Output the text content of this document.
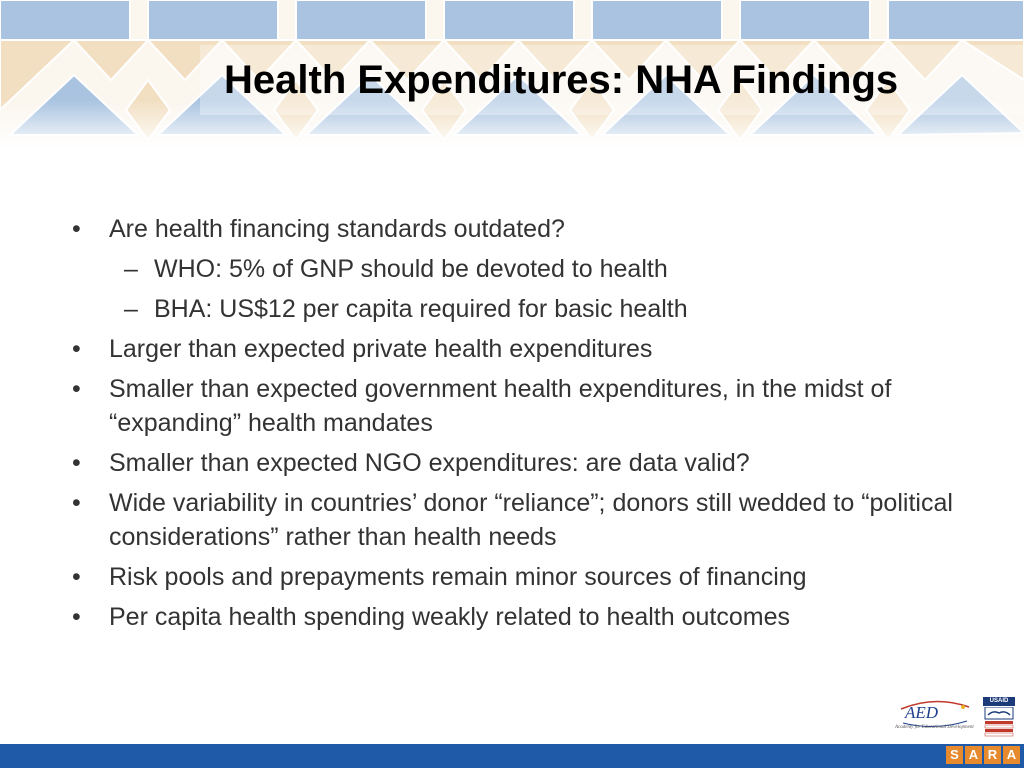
Health Expenditures: NHA Findings
• Are health financing standards outdated?
– WHO: 5% of GNP should be devoted to health
– BHA: US$12 per capita required for basic health
• Larger than expected private health expenditures
• Smaller than expected government health expenditures, in the midst of “expanding” health mandates
• Smaller than expected NGO expenditures: are data valid?
• Wide variability in countries’ donor “reliance”; donors still wedded to “political considerations” rather than health needs
• Risk pools and prepayments remain minor sources of financing
• Per capita health spending weakly related to health outcomes
AED
Academy for Educational Development
USAID
S A R A
